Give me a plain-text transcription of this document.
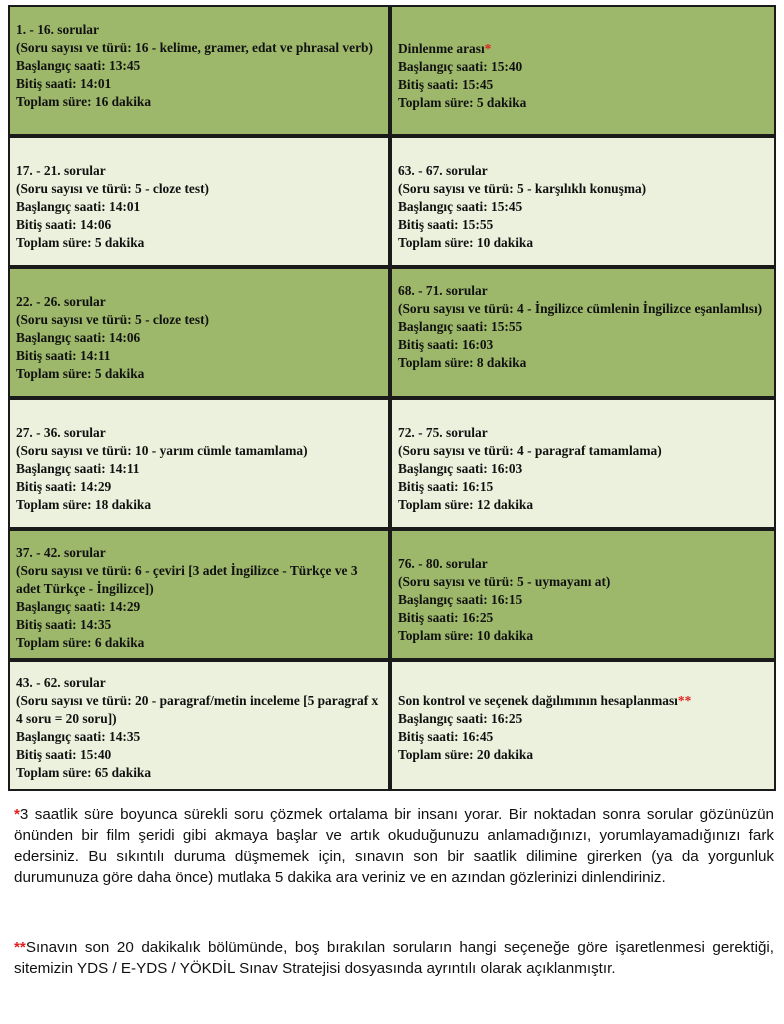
1. - 16. sorular
(Soru sayısı ve türü: 16 - kelime, gramer, edat ve phrasal verb)
Başlangıç saati: 13:45
Bitiş saati: 14:01
Toplam süre: 16 dakika
Dinlenme arası*
Başlangıç saati: 15:40
Bitiş saati: 15:45
Toplam süre: 5 dakika
17. - 21. sorular
(Soru sayısı ve türü: 5 - cloze test)
Başlangıç saati: 14:01
Bitiş saati: 14:06
Toplam süre: 5 dakika
63. - 67. sorular
(Soru sayısı ve türü: 5 - karşılıklı konuşma)
Başlangıç saati: 15:45
Bitiş saati: 15:55
Toplam süre: 10 dakika
22. - 26. sorular
(Soru sayısı ve türü: 5 - cloze test)
Başlangıç saati: 14:06
Bitiş saati: 14:11
Toplam süre: 5 dakika
68. - 71. sorular
(Soru sayısı ve türü: 4 - İngilizce cümlenin İngilizce eşanlamlısı)
Başlangıç saati: 15:55
Bitiş saati: 16:03
Toplam süre: 8 dakika
27. - 36. sorular
(Soru sayısı ve türü: 10 - yarım cümle tamamlama)
Başlangıç saati: 14:11
Bitiş saati: 14:29
Toplam süre: 18 dakika
72. - 75. sorular
(Soru sayısı ve türü: 4 - paragraf tamamlama)
Başlangıç saati: 16:03
Bitiş saati: 16:15
Toplam süre: 12 dakika
37. - 42. sorular
(Soru sayısı ve türü: 6 - çeviri [3 adet İngilizce - Türkçe ve 3 adet Türkçe - İngilizce])
Başlangıç saati: 14:29
Bitiş saati: 14:35
Toplam süre: 6 dakika
76. - 80. sorular
(Soru sayısı ve türü: 5 - uymayanı at)
Başlangıç saati: 16:15
Bitiş saati: 16:25
Toplam süre: 10 dakika
43. - 62. sorular
(Soru sayısı ve türü: 20 - paragraf/metin inceleme [5 paragraf x 4 soru = 20 soru])
Başlangıç saati: 14:35
Bitiş saati: 15:40
Toplam süre: 65 dakika
Son kontrol ve seçenek dağılımının hesaplanması**
Başlangıç saati: 16:25
Bitiş saati: 16:45
Toplam süre: 20 dakika

*3 saatlik süre boyunca sürekli soru çözmek ortalama bir insanı yorar. Bir noktadan sonra sorular gözünüzün önünden bir film şeridi gibi akmaya başlar ve artık okuduğunuzu anlamadığınızı, yorumlayamadığınızı fark edersiniz. Bu sıkıntılı duruma düşmemek için, sınavın son bir saatlik dilimine girerken (ya da yorgunluk durumunuza göre daha önce) mutlaka 5 dakika ara veriniz ve en azından gözlerinizi dinlendiriniz.

**Sınavın son 20 dakikalık bölümünde, boş bırakılan soruların hangi seçeneğe göre işaretlenmesi gerektiği, sitemizin YDS / E-YDS / YÖKDİL Sınav Stratejisi dosyasında ayrıntılı olarak açıklanmıştır.
